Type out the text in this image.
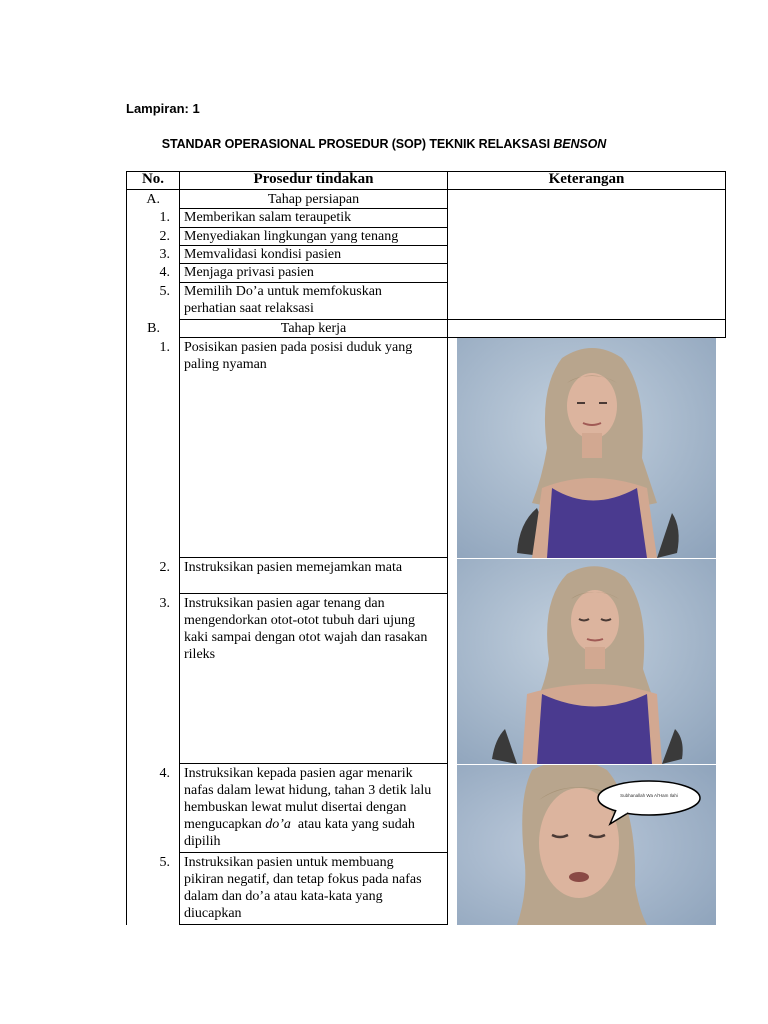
Lampiran: 1
STANDAR OPERASIONAL PROSEDUR (SOP) TEKNIK RELAKSASI BENSON
No.	Prosedur tindakan	Keterangan
A.	Tahap persiapan
1.	Memberikan salam teraupetik
2.	Menyediakan lingkungan yang tenang
3.	Memvalidasi kondisi pasien
4.	Menjaga privasi pasien
5.	Memilih Do’a untuk memfokuskan perhatian saat relaksasi
B.	Tahap kerja
1. Posisikan pasien pada posisi duduk yang paling nyaman
2. Instruksikan pasien memejamkan mata
3. Instruksikan pasien agar tenang dan mengendorkan otot-otot tubuh dari ujung kaki sampai dengan otot wajah dan rasakan rileks
4. Instruksikan kepada pasien agar menarik nafas dalam lewat hidung, tahan 3 detik lalu hembuskan lewat mulut disertai dengan mengucapkan do’a  atau kata yang sudah dipilih
5. Instruksikan pasien untuk membuang pikiran negatif, dan tetap fokus pada nafas dalam dan do’a atau kata-kata yang diucapkan
Subhanallah Wa Al'Ham Ilahi
